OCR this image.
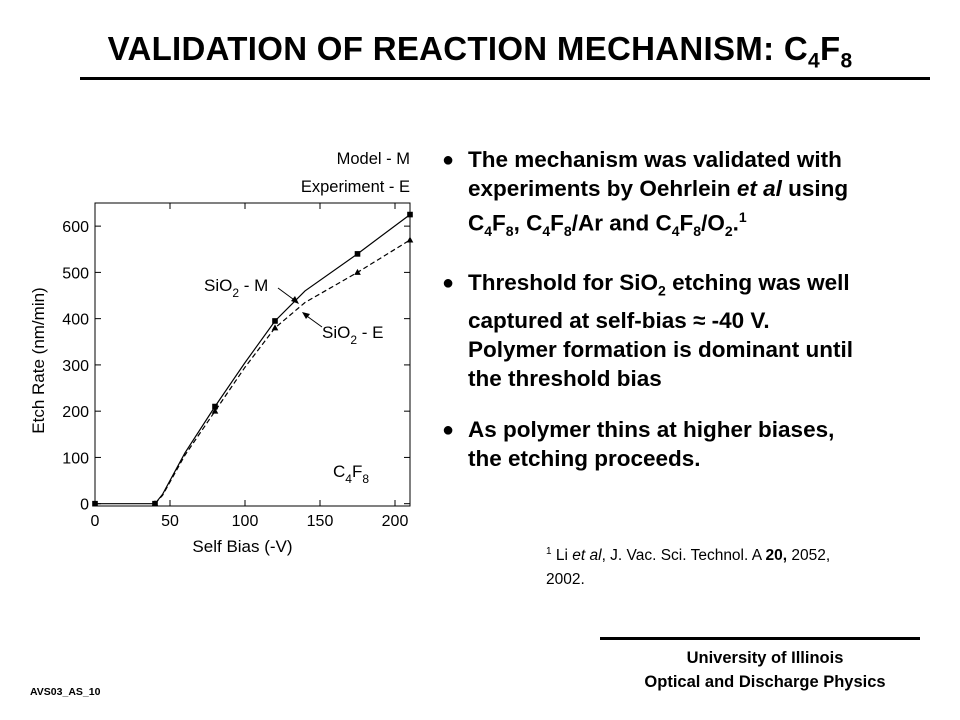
VALIDATION OF REACTION MECHANISM: $C_4F_8$
0	50	100	150	200
0
100
200
300
400
500
600
Self Bias (-V)
Etch Rate (nm/min)
Model - M
Experiment - E
SiO$_2$ - M
SiO$_2$ - E
$C_4F_8$
● The mechanism was validated with
experiments by Oehrlein et al using
$C_4F_8$, $C_4F_8/Ar$ and $C_4F_8/O_2.^1$
● Threshold for SiO$_2$ etching was well
captured at self-bias ≈ -40 V.
Polymer formation is dominant until
the threshold bias
● As polymer thins at higher biases,
the etching proceeds.
$^1$ Li et al, J. Vac. Sci. Technol. A 20, 2052,
2002.
University of Illinois
Optical and Discharge Physics
AVS03_AS_10
